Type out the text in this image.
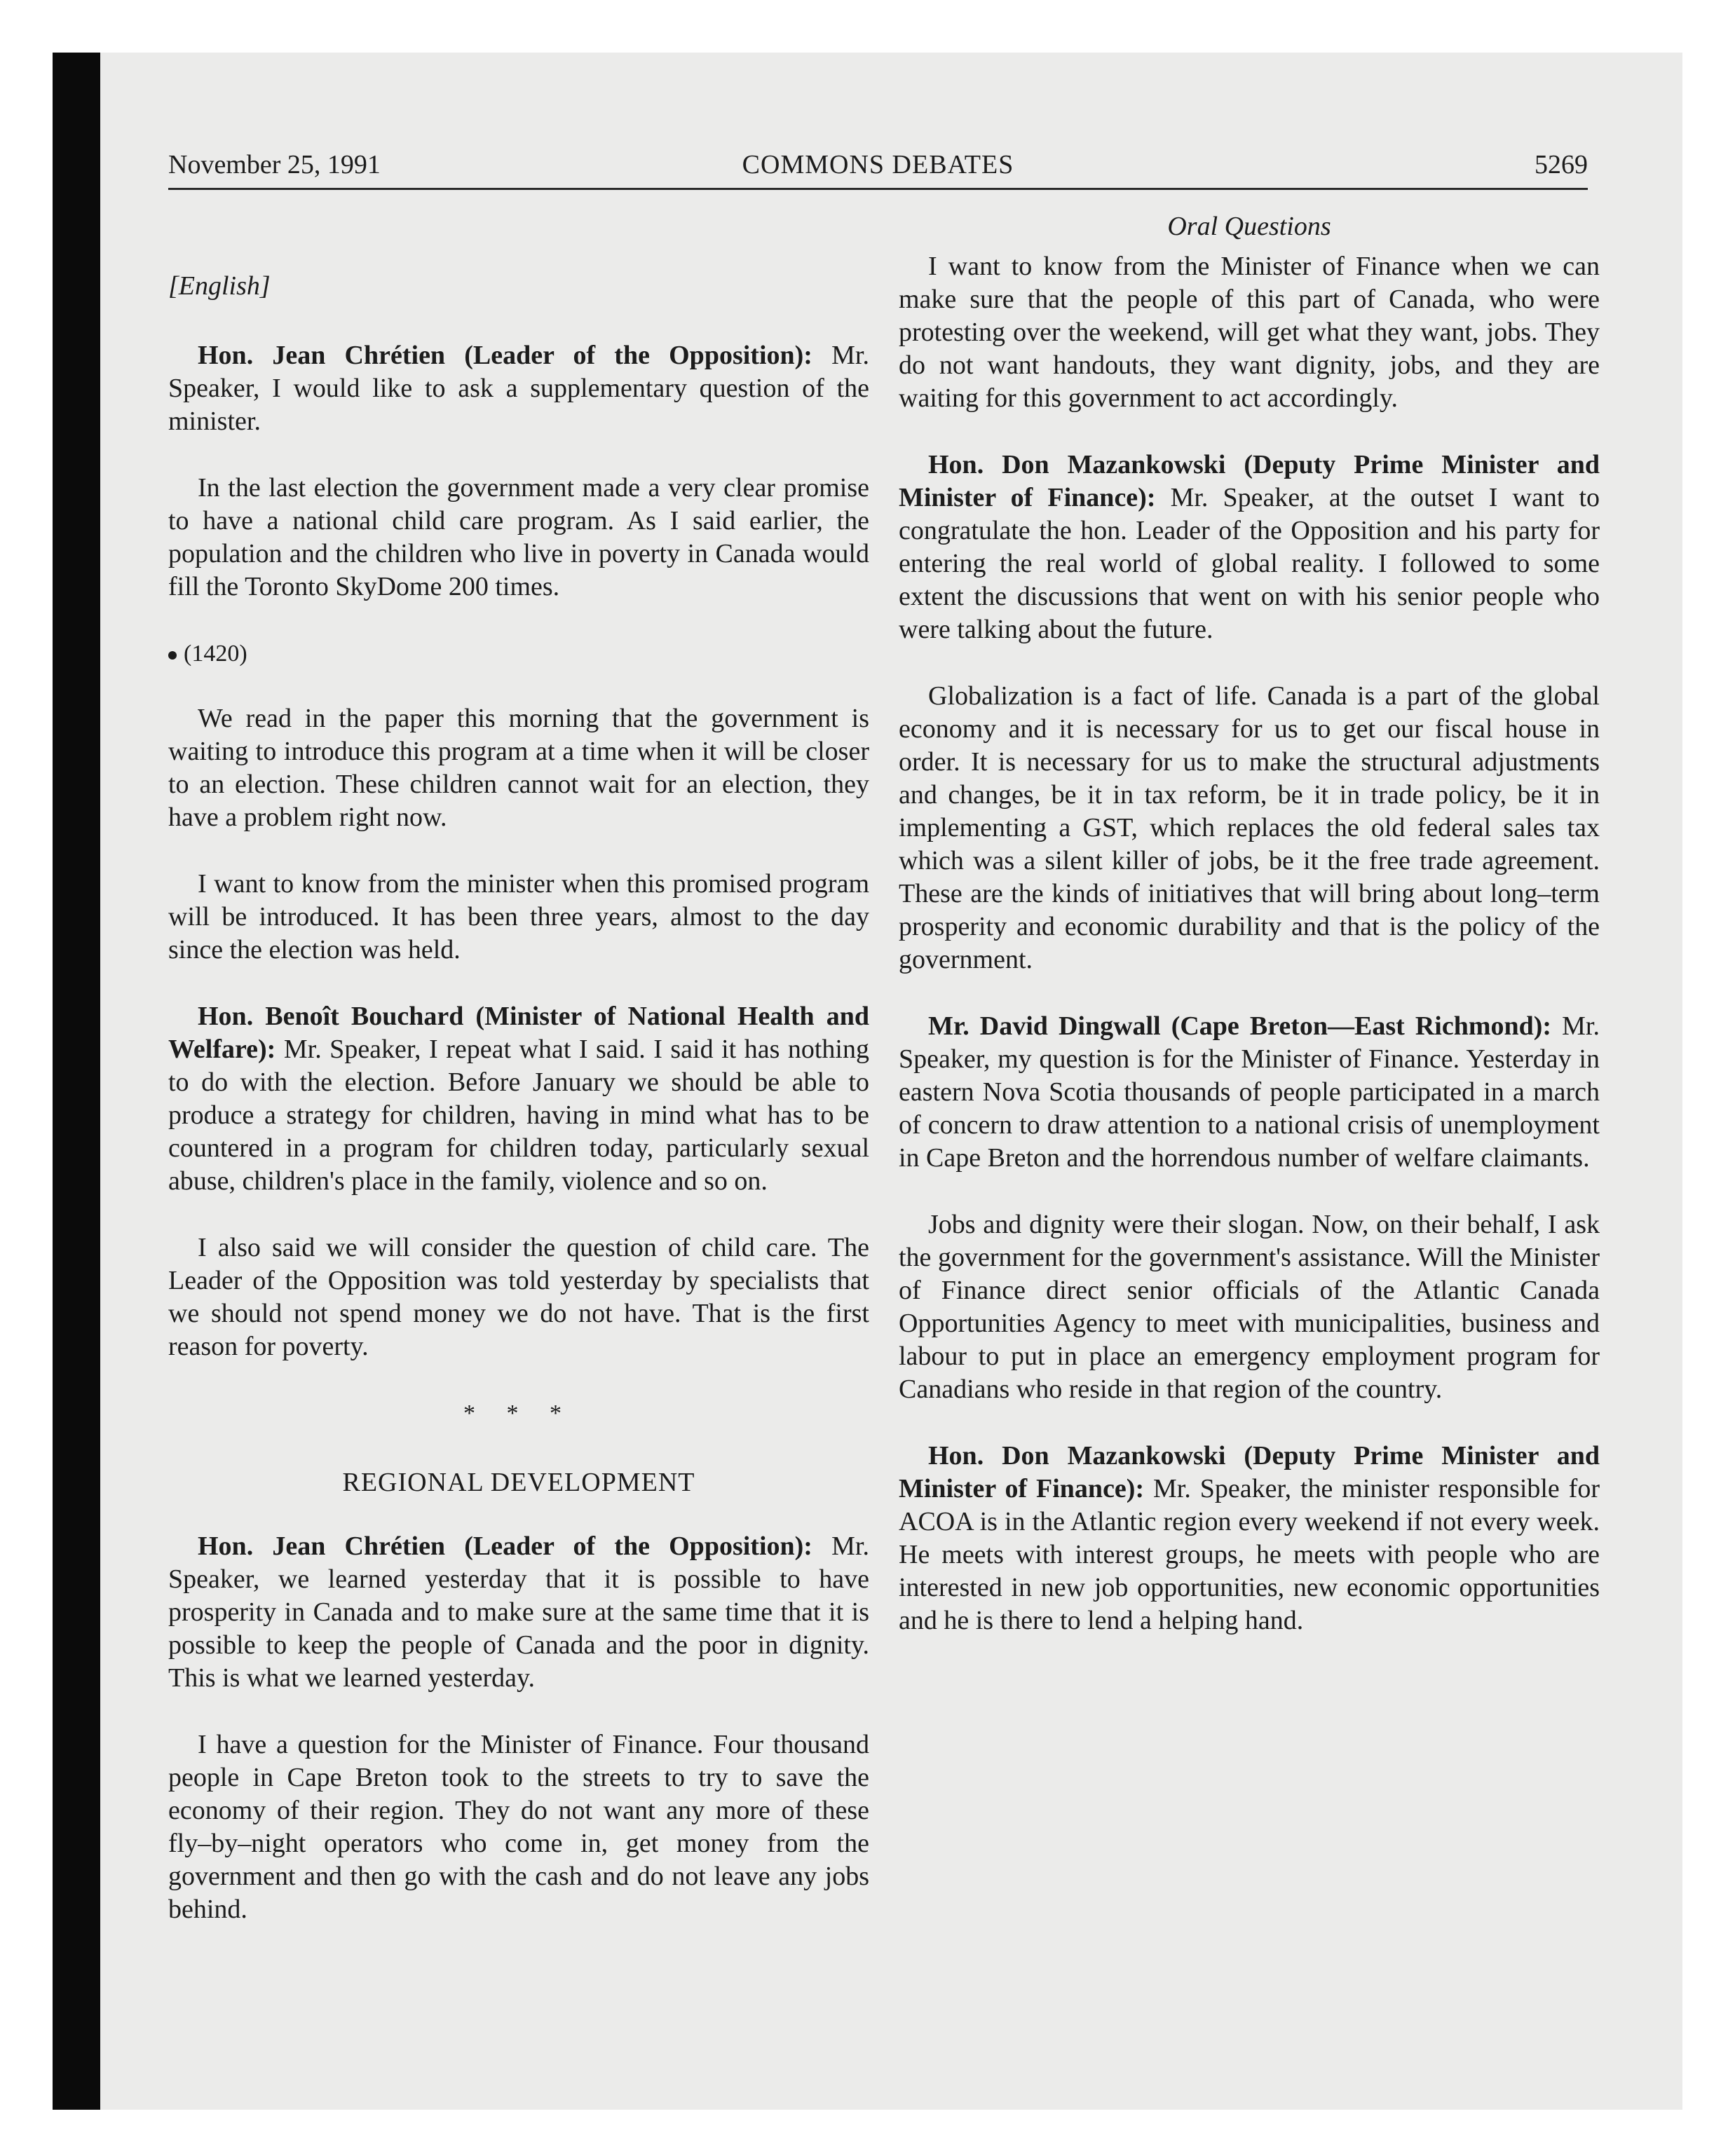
November 25, 1991	COMMONS DEBATES	5269
[English]

Hon. Jean Chrétien (Leader of the Opposition): Mr. Speaker, I would like to ask a supplementary question of the minister.

In the last election the government made a very clear promise to have a national child care program. As I said earlier, the population and the children who live in poverty in Canada would fill the Toronto SkyDome 200 times.

(1420)

We read in the paper this morning that the government is waiting to introduce this program at a time when it will be closer to an election. These children cannot wait for an election, they have a problem right now.

I want to know from the minister when this promised program will be introduced. It has been three years, almost to the day since the election was held.

Hon. Benoît Bouchard (Minister of National Health and Welfare): Mr. Speaker, I repeat what I said. I said it has nothing to do with the election. Before January we should be able to produce a strategy for children, having in mind what has to be countered in a program for children today, particularly sexual abuse, children's place in the family, violence and so on.

I also said we will consider the question of child care. The Leader of the Opposition was told yesterday by specialists that we should not spend money we do not have. That is the first reason for poverty.

* * *
REGIONAL DEVELOPMENT

Hon. Jean Chrétien (Leader of the Opposition): Mr. Speaker, we learned yesterday that it is possible to have prosperity in Canada and to make sure at the same time that it is possible to keep the people of Canada and the poor in dignity. This is what we learned yesterday.

I have a question for the Minister of Finance. Four thousand people in Cape Breton took to the streets to try to save the economy of their region. They do not want any more of these fly–by–night operators who come in, get money from the government and then go with the cash and do not leave any jobs behind.

Oral Questions

I want to know from the Minister of Finance when we can make sure that the people of this part of Canada, who were protesting over the weekend, will get what they want, jobs. They do not want handouts, they want dignity, jobs, and they are waiting for this government to act accordingly.

Hon. Don Mazankowski (Deputy Prime Minister and Minister of Finance): Mr. Speaker, at the outset I want to congratulate the hon. Leader of the Opposition and his party for entering the real world of global reality. I followed to some extent the discussions that went on with his senior people who were talking about the future.

Globalization is a fact of life. Canada is a part of the global economy and it is necessary for us to get our fiscal house in order. It is necessary for us to make the structural adjustments and changes, be it in tax reform, be it in trade policy, be it in implementing a GST, which replaces the old federal sales tax which was a silent killer of jobs, be it the free trade agreement. These are the kinds of initiatives that will bring about long–term prosperity and economic durability and that is the policy of the government.

Mr. David Dingwall (Cape Breton—East Richmond): Mr. Speaker, my question is for the Minister of Finance. Yesterday in eastern Nova Scotia thousands of people participated in a march of concern to draw attention to a national crisis of unemployment in Cape Breton and the horrendous number of welfare claimants.

Jobs and dignity were their slogan. Now, on their behalf, I ask the government for the government's assistance. Will the Minister of Finance direct senior officials of the Atlantic Canada Opportunities Agency to meet with municipalities, business and labour to put in place an emergency employment program for Canadians who reside in that region of the country.

Hon. Don Mazankowski (Deputy Prime Minister and Minister of Finance): Mr. Speaker, the minister responsible for ACOA is in the Atlantic region every weekend if not every week. He meets with interest groups, he meets with people who are interested in new job opportunities, new economic opportunities and he is there to lend a helping hand.
